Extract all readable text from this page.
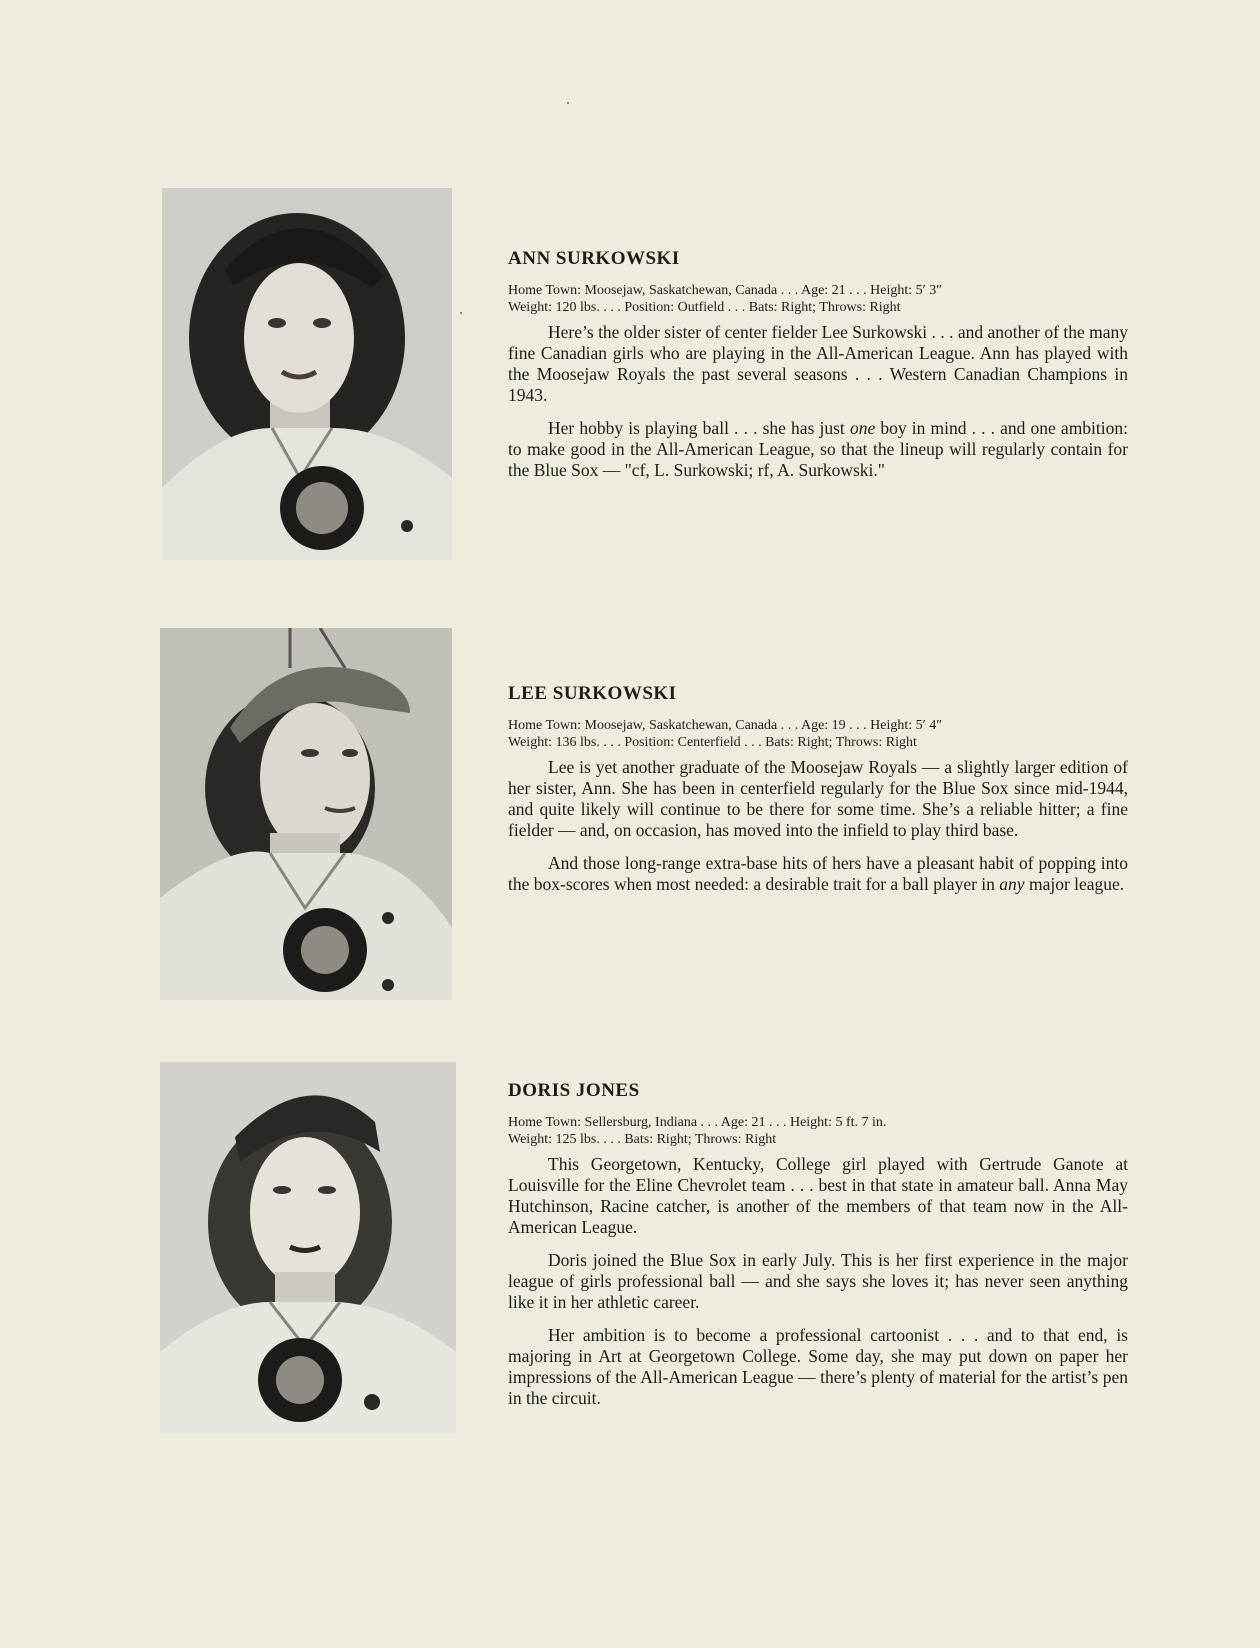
ANN SURKOWSKI

Home Town: Moosejaw, Saskatchewan, Canada . . . Age: 21 . . . Height: 5′ 3″
Weight: 120 lbs. . . . Position: Outfield . . . Bats: Right; Throws: Right

Here’s the older sister of center fielder Lee Surkowski . . . and another of the many fine Canadian girls who are playing in the All-American League. Ann has played with the Moosejaw Royals the past several seasons . . . Western Canadian Champions in 1943.

Her hobby is playing ball . . . she has just one boy in mind . . . and one ambition: to make good in the All-American League, so that the lineup will regularly contain for the Blue Sox — "cf, L. Surkowski; rf, A. Surkowski."

LEE SURKOWSKI

Home Town: Moosejaw, Saskatchewan, Canada . . . Age: 19 . . . Height: 5′ 4″
Weight: 136 lbs. . . . Position: Centerfield . . . Bats: Right; Throws: Right

Lee is yet another graduate of the Moosejaw Royals — a slightly larger edition of her sister, Ann. She has been in centerfield regularly for the Blue Sox since mid-1944, and quite likely will continue to be there for some time. She’s a reliable hitter; a fine fielder — and, on occasion, has moved into the infield to play third base.

And those long-range extra-base hits of hers have a pleasant habit of popping into the box-scores when most needed: a desirable trait for a ball player in any major league.

DORIS JONES

Home Town: Sellersburg, Indiana . . . Age: 21 . . . Height: 5 ft. 7 in.
Weight: 125 lbs. . . . Bats: Right; Throws: Right

This Georgetown, Kentucky, College girl played with Gertrude Ganote at Louisville for the Eline Chevrolet team . . . best in that state in amateur ball. Anna May Hutchinson, Racine catcher, is another of the members of that team now in the All-American League.

Doris joined the Blue Sox in early July. This is her first experience in the major league of girls professional ball — and she says she loves it; has never seen anything like it in her athletic career.

Her ambition is to become a professional cartoonist . . . and to that end, is majoring in Art at Georgetown College. Some day, she may put down on paper her impressions of the All-American League — there’s plenty of material for the artist’s pen in the circuit.
